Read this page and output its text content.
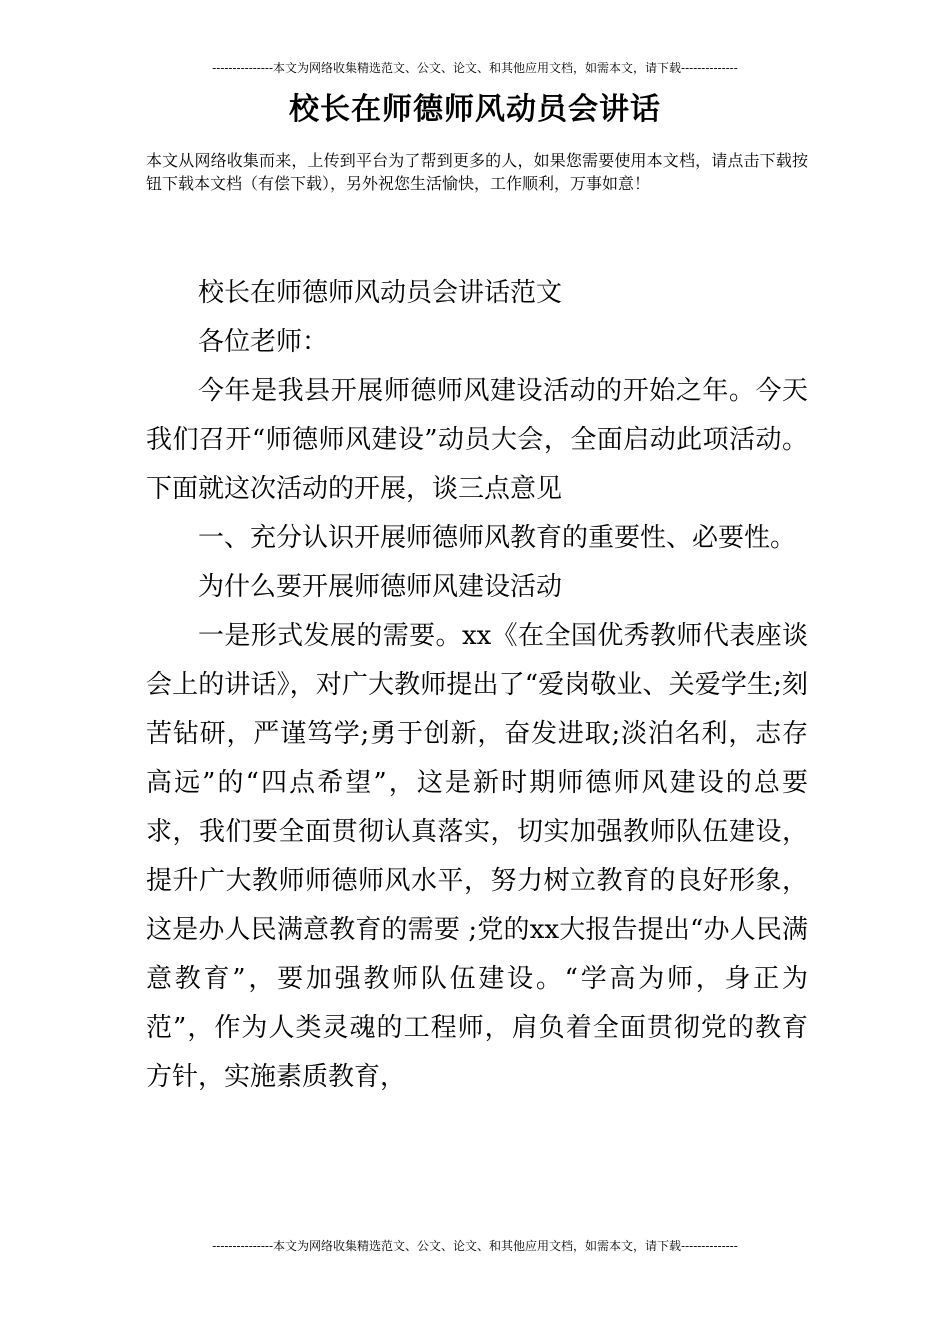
---------------本文为网络收集精选范文、公文、论文、和其他应用文档，如需本文，请下载--------------
校长在师德师风动员会讲话
本文从网络收集而来，上传到平台为了帮到更多的人，如果您需要使用本文档，请点击下载按钮下载本文档（有偿下载），另外祝您生活愉快，工作顺利，万事如意！

校长在师德师风动员会讲话范文

各位老师：

今年是我县开展师德师风建设活动的开始之年。今天我们召开“师德师风建设”动员大会，全面启动此项活动。下面就这次活动的开展，谈三点意见

一、充分认识开展师德师风教育的重要性、必要性。

为什么要开展师德师风建设活动

一是形式发展的需要。xx《在全国优秀教师代表座谈会上的讲话》，对广大教师提出了“爱岗敬业、关爱学生;刻苦钻研，严谨笃学;勇于创新，奋发进取;淡泊名利，志存高远”的“四点希望”，这是新时期师德师风建设的总要求，我们要全面贯彻认真落实，切实加强教师队伍建设，提升广大教师师德师风水平，努力树立教育的良好形象，这是办人民满意教育的需要 ;党的xx大报告提出“办人民满意教育”，要加强教师队伍建设。“学高为师，身正为范”，作为人类灵魂的工程师，肩负着全面贯彻党的教育方针，实施素质教育，

---------------本文为网络收集精选范文、公文、论文、和其他应用文档，如需本文，请下载--------------
